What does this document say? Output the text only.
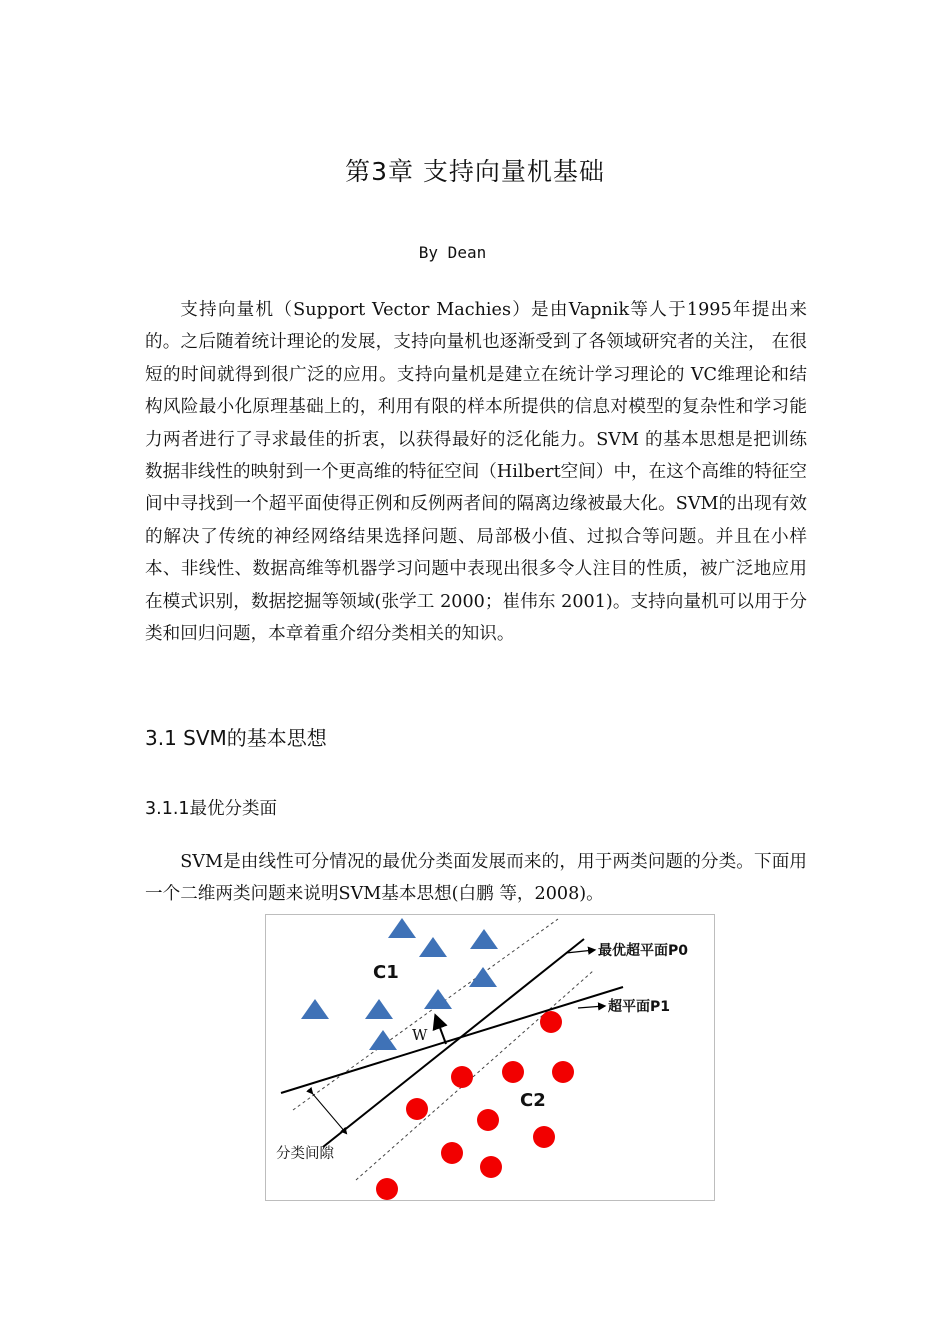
第3章 支持向量机基础
By Dean

支持向量机（Support Vector Machies）是由Vapnik等人于1995年提出来的。之后随着统计理论的发展，支持向量机也逐渐受到了各领域研究者的关注， 在很短的时间就得到很广泛的应用。支持向量机是建立在统计学习理论的 VC维理论和结构风险最小化原理基础上的，利用有限的样本所提供的信息对模型的复杂性和学习能力两者进行了寻求最佳的折衷，以获得最好的泛化能力。SVM 的基本思想是把训练数据非线性的映射到一个更高维的特征空间（Hilbert空间）中，在这个高维的特征空间中寻找到一个超平面使得正例和反例两者间的隔离边缘被最大化。SVM的出现有效的解决了传统的神经网络结果选择问题、局部极小值、过拟合等问题。并且在小样本、非线性、数据高维等机器学习问题中表现出很多令人注目的性质，被广泛地应用在模式识别，数据挖掘等领域(张学工 2000；崔伟东 2001)。支持向量机可以用于分类和回归问题，本章着重介绍分类相关的知识。

3.1 SVM的基本思想
3.1.1最优分类面

SVM是由线性可分情况的最优分类面发展而来的，用于两类问题的分类。下面用一个二维两类问题来说明SVM基本思想(白鹏 等，2008)。

C1
C2
W
最优超平面P0
超平面P1
分类间隙
